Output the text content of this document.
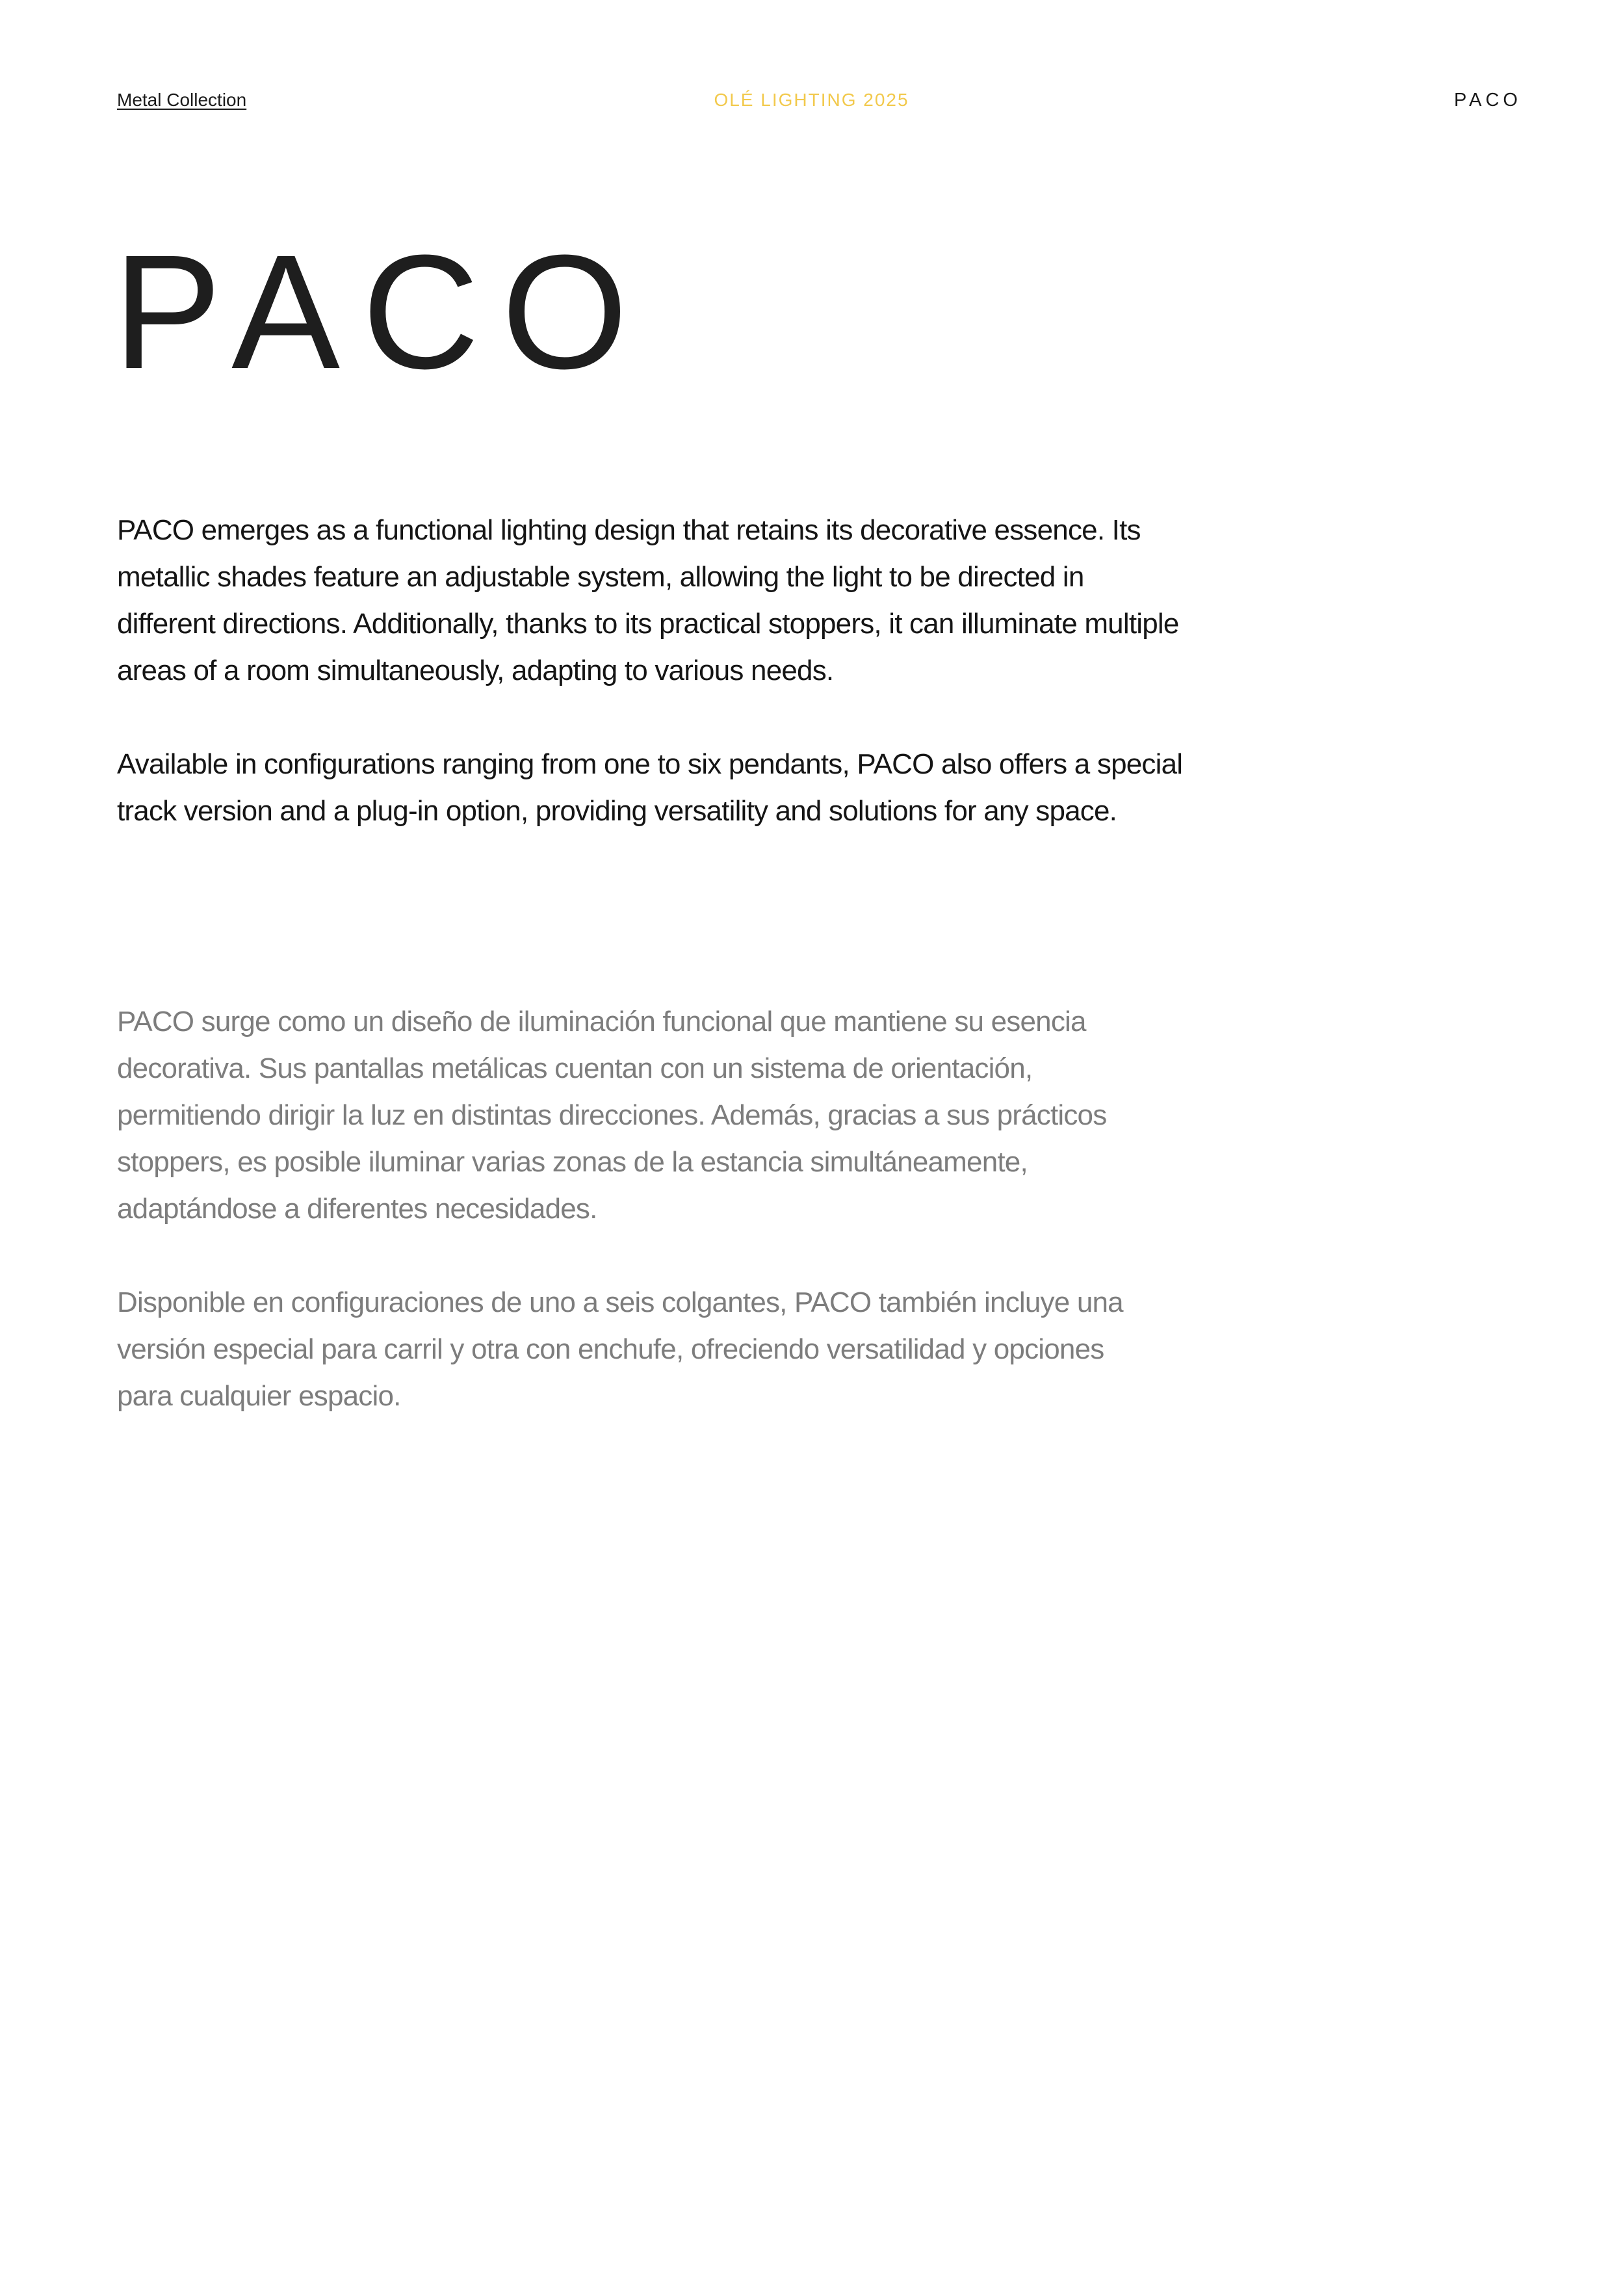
Metal Collection	OLÉ LIGHTING 2025	PACO
PACO

PACO emerges as a functional lighting design that retains its decorative essence. Its metallic shades feature an adjustable system, allowing the light to be directed in different directions. Additionally, thanks to its practical stoppers, it can illuminate multiple areas of a room simultaneously, adapting to various needs.

Available in configurations ranging from one to six pendants, PACO also offers a special track version and a plug-in option, providing versatility and solutions for any space.

PACO surge como un diseño de iluminación funcional que mantiene su esencia decorativa. Sus pantallas metálicas cuentan con un sistema de orientación, permitiendo dirigir la luz en distintas direcciones. Además, gracias a sus prácticos stoppers, es posible iluminar varias zonas de la estancia simultáneamente, adaptándose a diferentes necesidades.

Disponible en configuraciones de uno a seis colgantes, PACO también incluye una versión especial para carril y otra con enchufe, ofreciendo versatilidad y opciones para cualquier espacio.
